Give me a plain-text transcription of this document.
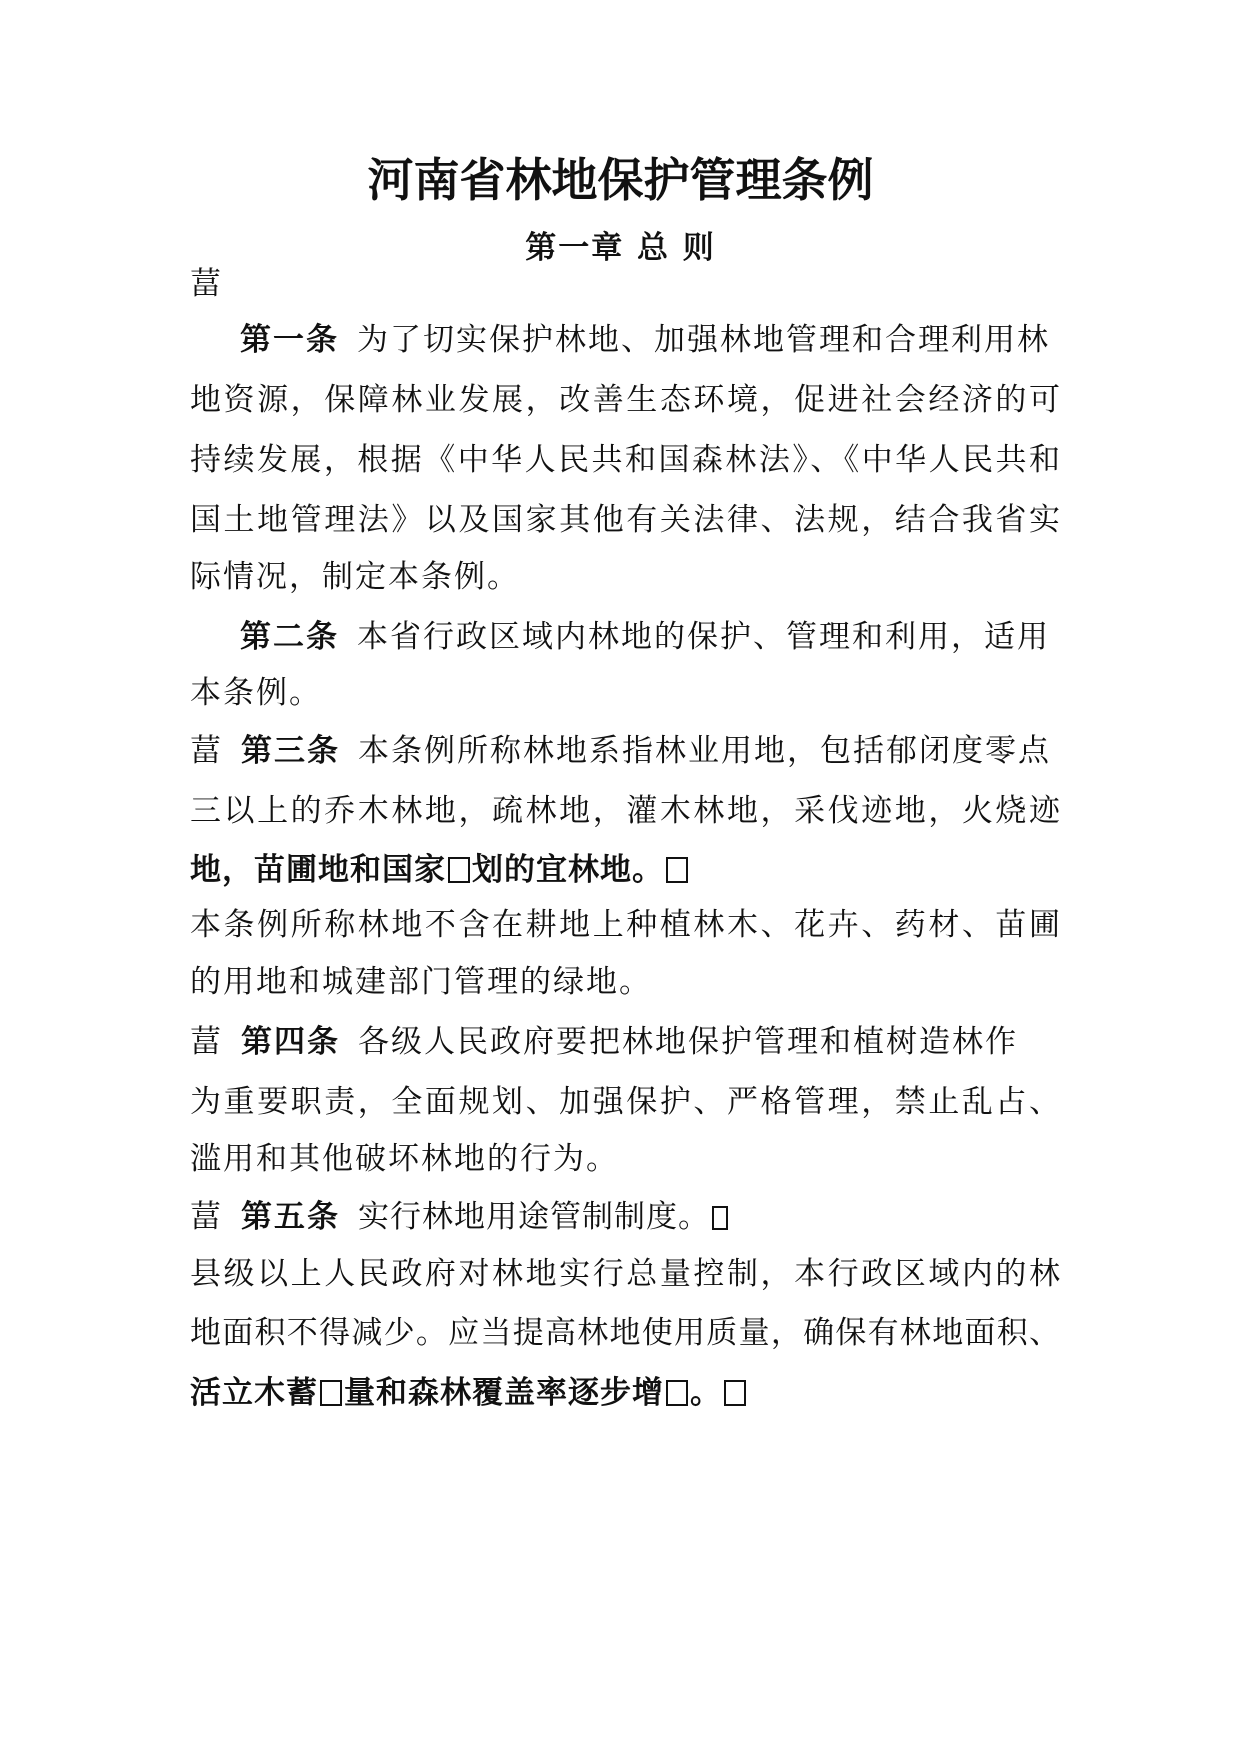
河南省林地保护管理条例
第一章 总 则
葍
第一条 为了切实保护林地、加强林地管理和合理利用林
地资源，保障林业发展，改善生态环境，促进社会经济的可
持续发展，根据《中华人民共和国森林法》、《中华人民共和
国土地管理法》以及国家其他有关法律、法规，结合我省实
际情况，制定本条例。
第二条 本省行政区域内林地的保护、管理和利用，适用
本条例。
葍 第三条 本条例所称林地系指林业用地，包括郁闭度零点
三以上的乔木林地，疏林地，灌木林地，采伐迹地，火烧迹
地，苗圃地和国家 划的宜林地。
本条例所称林地不含在耕地上种植林木、花卉、药材、苗圃
的用地和城建部门管理的绿地。
葍 第四条 各级人民政府要把林地保护管理和植树造林作
为重要职责，全面规划、加强保护、严格管理，禁止乱占、
滥用和其他破坏林地的行为。
葍 第五条 实行林地用途管制制度。
县级以上人民政府对林地实行总量控制，本行政区域内的林
地面积不得减少。应当提高林地使用质量，确保有林地面积、
活立木蓄 量和森林覆盖率逐步增 。
